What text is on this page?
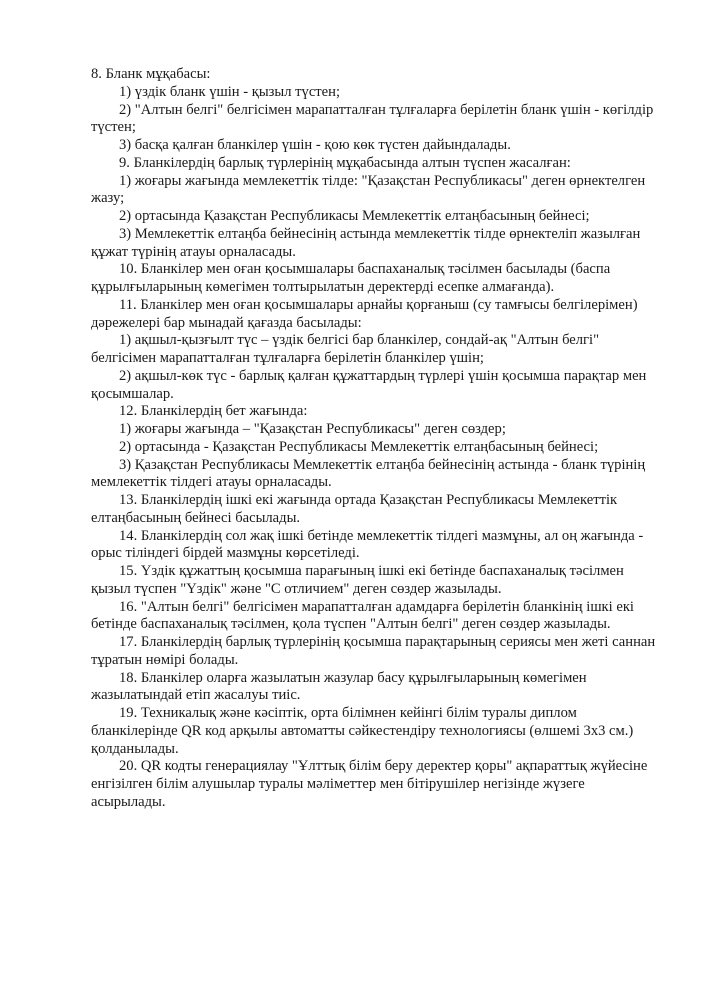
8. Бланк мұқабасы:
1) үздік бланк үшін - қызыл түстен;
2) "Алтын белгі" белгісімен марапатталған тұлғаларға берілетін бланк үшін - көгілдір
түстен;
3) басқа қалған бланкілер үшін - қою көк түстен дайындалады.
9. Бланкілердің барлық түрлерінің мұқабасында алтын түспен жасалған:
1) жоғары жағында мемлекеттік тілде: "Қазақстан Республикасы" деген өрнектелген
жазу;
2) ортасында Қазақстан Республикасы Мемлекеттік елтаңбасының бейнесі;
3) Мемлекеттік елтаңба бейнесінің астында мемлекеттік тілде өрнектеліп жазылған
құжат түрінің атауы орналасады.
10. Бланкілер мен оған қосымшалары баспаханалық тәсілмен басылады (баспа
құрылғыларының көмегімен толтырылатын деректерді есепке алмағанда).
11. Бланкілер мен оған қосымшалары арнайы қорғаныш (су тамғысы белгілерімен)
дәрежелері бар мынадай қағазда басылады:
1) ақшыл-қызғылт түс – үздік белгісі бар бланкілер, сондай-ақ "Алтын белгі"
белгісімен марапатталған тұлғаларға берілетін бланкілер үшін;
2) ақшыл-көк түс - барлық қалған құжаттардың түрлері үшін қосымша парақтар мен
қосымшалар.
12. Бланкілердің бет жағында:
1) жоғары жағында – "Қазақстан Республикасы" деген сөздер;
2) ортасында - Қазақстан Республикасы Мемлекеттік елтаңбасының бейнесі;
3) Қазақстан Республикасы Мемлекеттік елтаңба бейнесінің астында - бланк түрінің
мемлекеттік тілдегі атауы орналасады.
13. Бланкілердің ішкі екі жағында ортада Қазақстан Республикасы Мемлекеттік
елтаңбасының бейнесі басылады.
14. Бланкілердің сол жақ ішкі бетінде мемлекеттік тілдегі мазмұны, ал оң жағында -
орыс тіліндегі бірдей мазмұны көрсетіледі.
15. Үздік құжаттың қосымша парағының ішкі екі бетінде баспаханалық тәсілмен
қызыл түспен "Үздік" және "С отличием" деген сөздер жазылады.
16. "Алтын белгі" белгісімен марапатталған адамдарға берілетін бланкінің ішкі екі
бетінде баспаханалық тәсілмен, қола түспен "Алтын белгі" деген сөздер жазылады.
17. Бланкілердің барлық түрлерінің қосымша парақтарының сериясы мен жеті саннан
тұратын нөмірі болады.
18. Бланкілер оларға жазылатын жазулар басу құрылғыларының көмегімен
жазылатындай етіп жасалуы тиіс.
19. Техникалық және кәсіптік, орта білімнен кейінгі білім туралы диплом
бланкілерінде QR код арқылы автоматты сәйкестендіру технологиясы (өлшемі 3x3 см.)
қолданылады.
20. QR кодты генерациялау "Ұлттық білім беру деректер қоры" ақпараттық жүйесіне
енгізілген білім алушылар туралы мәліметтер мен бітірушілер негізінде жүзеге
асырылады.
